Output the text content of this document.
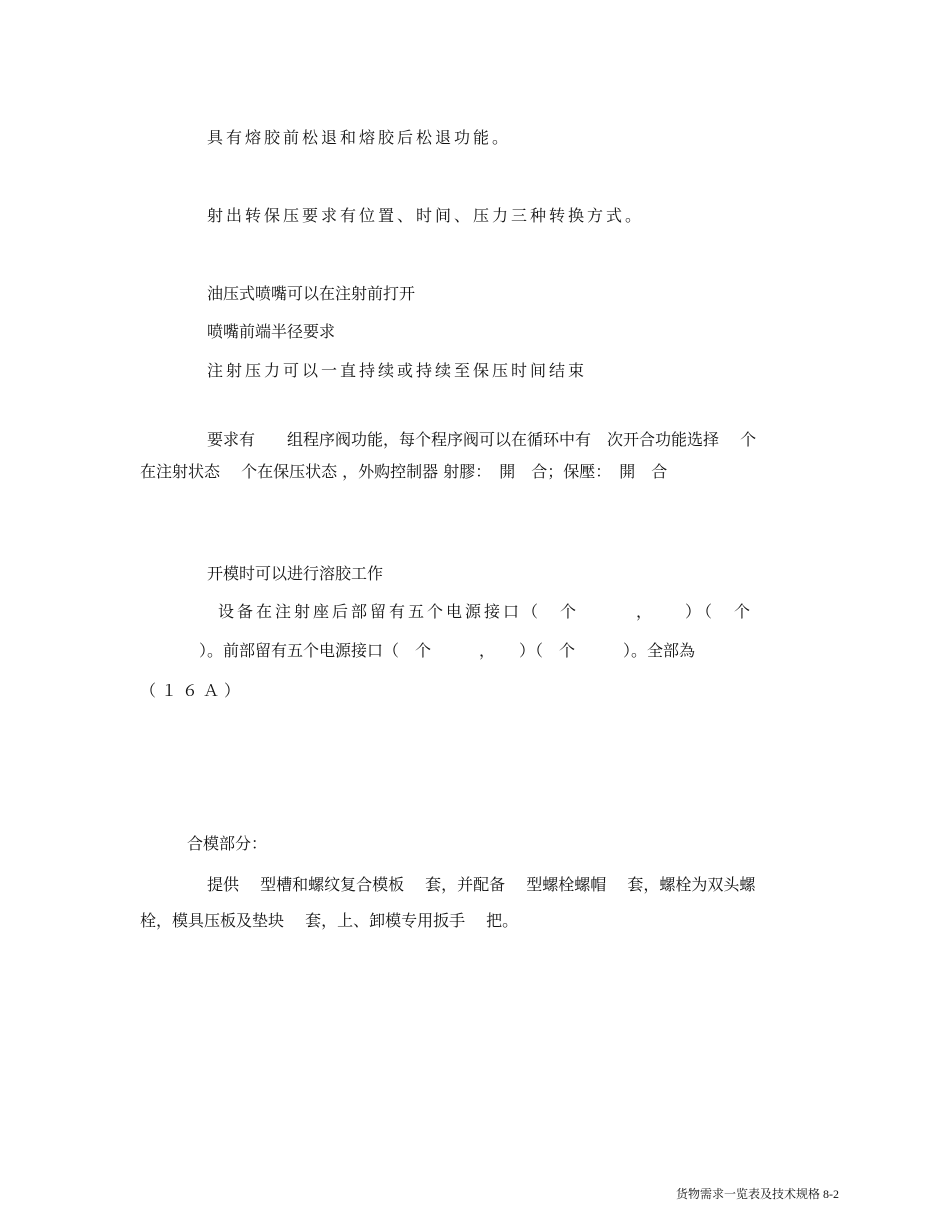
具有熔胶前松退和熔胶后松退功能。
射出转保压要求有位置、时间、压力三种转换方式。
油压式喷嘴可以在注射前打开
喷嘴前端半径要求
注射压力可以一直持续或持续至保压时间结束
要求有　　组程序阀功能，每个程序阀可以在循环中有　次开合功能选择　 个
在注射状态　 个在保压状态 ，外购控制器 射膠：　開　合；保壓：　開　合
开模时可以进行溶胶工作
设备在注射座后部留有五个电源接口（　个　　　，　　）（　个
）。前部留有五个电源接口（　个　　　，　　）（　个　　　）。全部為
（１６Ａ）
合模部分：
提供　 型槽和螺纹复合模板　 套，并配备　 型螺栓螺帽　 套，螺栓为双头螺
栓，模具压板及垫块　 套，上、卸模专用扳手　 把。
货物需求一览表及技术规格 8-2
